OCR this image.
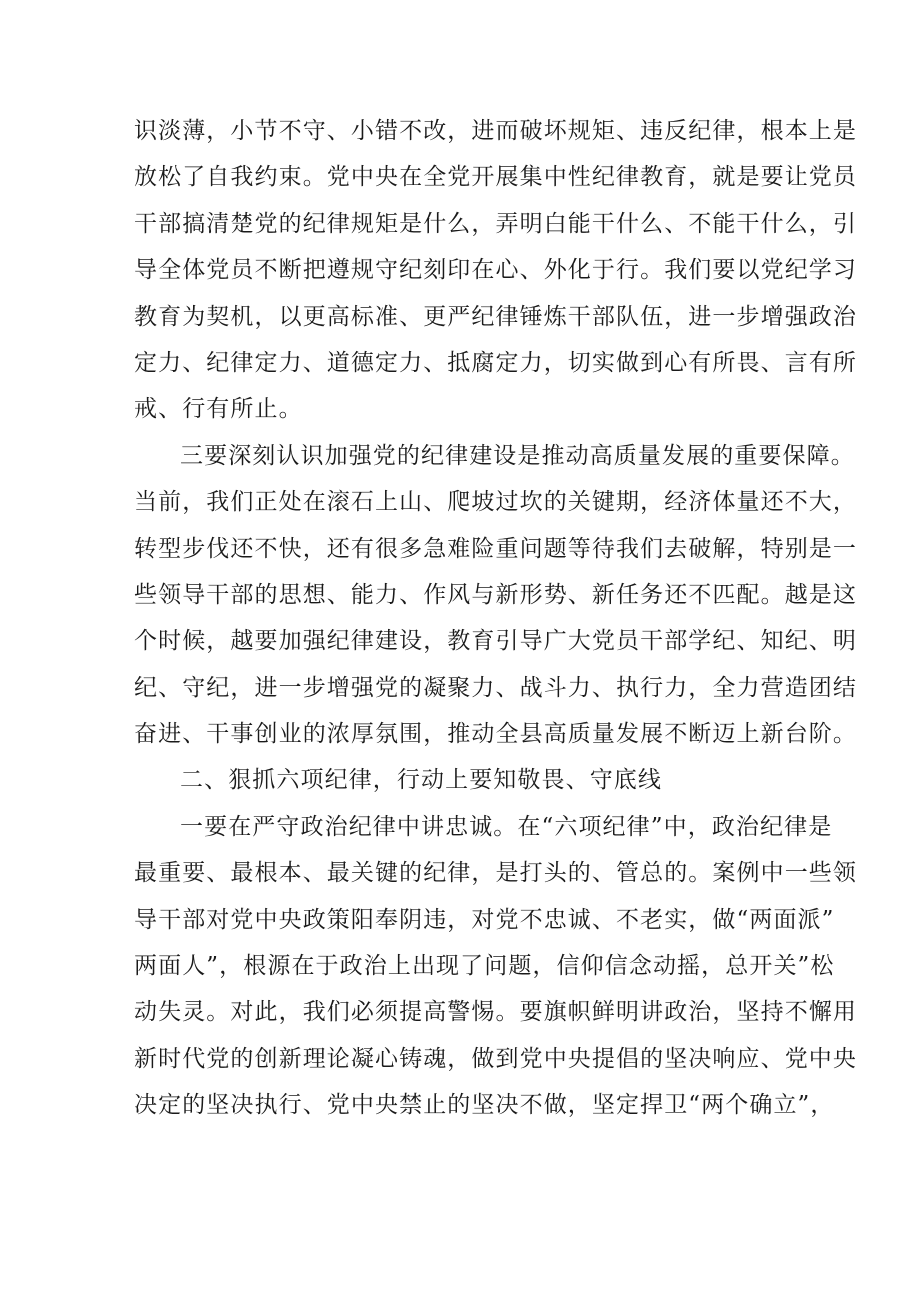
识淡薄，小节不守、小错不改，进而破坏规矩、违反纪律，根本上是
放松了自我约束。党中央在全党开展集中性纪律教育，就是要让党员
干部搞清楚党的纪律规矩是什么，弄明白能干什么、不能干什么，引
导全体党员不断把遵规守纪刻印在心、外化于行。我们要以党纪学习
教育为契机，以更高标准、更严纪律锤炼干部队伍，进一步增强政治
定力、纪律定力、道德定力、抵腐定力，切实做到心有所畏、言有所
戒、行有所止。
三要深刻认识加强党的纪律建设是推动高质量发展的重要保障。
当前，我们正处在滚石上山、爬坡过坎的关键期，经济体量还不大，
转型步伐还不快，还有很多急难险重问题等待我们去破解，特别是一
些领导干部的思想、能力、作风与新形势、新任务还不匹配。越是这
个时候，越要加强纪律建设，教育引导广大党员干部学纪、知纪、明
纪、守纪，进一步增强党的凝聚力、战斗力、执行力，全力营造团结
奋进、干事创业的浓厚氛围，推动全县高质量发展不断迈上新台阶。
二、狠抓六项纪律，行动上要知敬畏、守底线
一要在严守政治纪律中讲忠诚。在“六项纪律”中，政治纪律是
最重要、最根本、最关键的纪律，是打头的、管总的。案例中一些领
导干部对党中央政策阳奉阴违，对党不忠诚、不老实，做“两面派”
两面人”，根源在于政治上出现了问题，信仰信念动摇，总开关”松
动失灵。对此，我们必须提高警惕。要旗帜鲜明讲政治，坚持不懈用
新时代党的创新理论凝心铸魂，做到党中央提倡的坚决响应、党中央
决定的坚决执行、党中央禁止的坚决不做，坚定捍卫“两个确立”，
